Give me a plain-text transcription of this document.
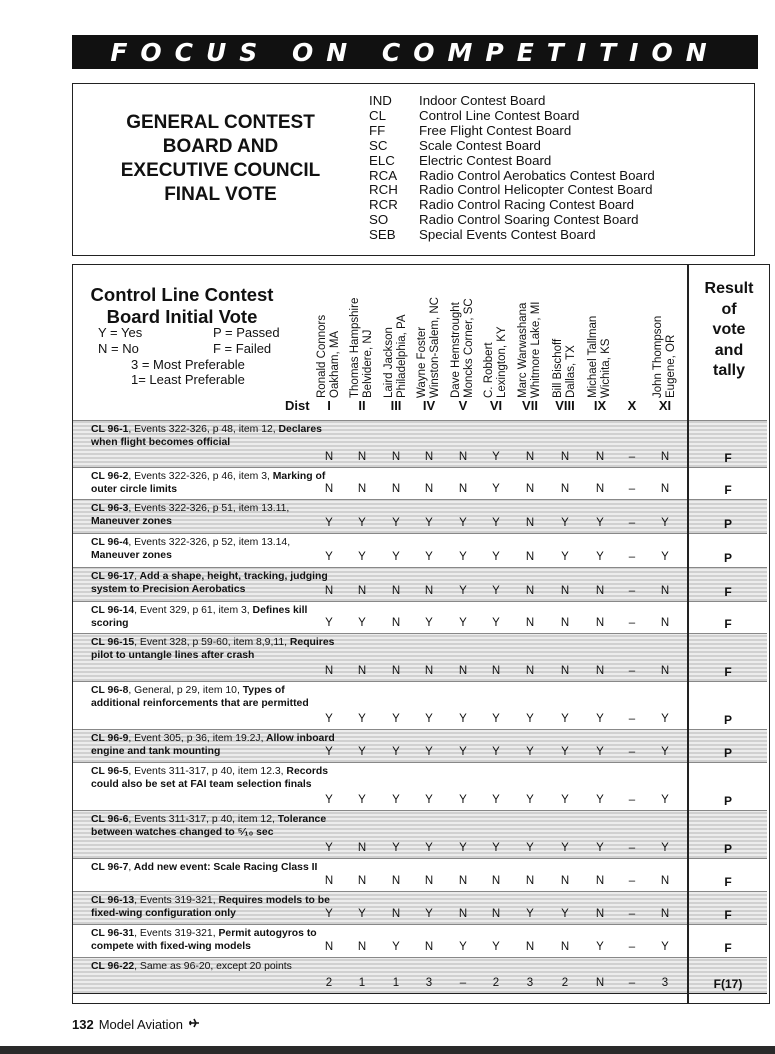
FOCUS ON COMPETITION
GENERAL CONTEST
BOARD AND
EXECUTIVE COUNCIL
FINAL VOTE
IND	Indoor Contest Board
CL	Control Line Contest Board
FF	Free Flight Contest Board
SC	Scale Contest Board
ELC	Electric Contest Board
RCA	Radio Control Aerobatics Contest Board
RCH	Radio Control Helicopter Contest Board
RCR	Radio Control Racing Contest Board
SO	Radio Control Soaring Contest Board
SEB	Special Events Contest Board
Control Line Contest
Board Initial Vote
Y = Yes	P = Passed
N = No	F = Failed
3 = Most Preferable
1= Least Preferable
Result
of
vote
and
tally
Dist
Ronald Connors Oakham, MA
I
Thomas Hampshire Belvidere, NJ
II
Laird Jackson Philadelphia, PA
III
Wayne Foster Winston-Salem, NC
IV
Dave Hemstrought Moncks Corner, SC
V
C. Robbert Lexington, KY
VI
Marc Warwashana Whitmore Lake, MI
VII
Bill Bischoff Dallas, TX
VIII
Michael Tallman Wichita, KS
IX	X
John Thompson Eugene, OR
XI
CL 96-1, Events 322-326, p 48, item 12, Declares when flight becomes official
N	N	N	N	N	Y	N	N	N	–	N	F
CL 96-2, Events 322-326, p 46, item 3, Marking of outer circle limits	N	N	N	N	N	Y	N	N	N	–	N	F
CL 96-3, Events 322-326, p 51, item 13.11, Maneuver zones	Y	Y	Y	Y	Y	Y	N	Y	Y	–	Y	P
CL 96-4, Events 322-326, p 52, item 13.14, Maneuver zones	Y	Y	Y	Y	Y	Y	N	Y	Y	–	Y	P
CL 96-17, Add a shape, height, tracking, judging system to Precision Aerobatics	N	N	N	N	Y	Y	N	N	N	–	N	F
CL 96-14, Event 329, p 61, item 3, Defines kill scoring	Y	Y	N	Y	Y	Y	N	N	N	–	N	F
CL 96-15, Event 328, p 59-60, item 8,9,11, Requires pilot to untangle lines after crash
N	N	N	N	N	N	N	N	N	–	N	F
CL 96-8, General, p 29, item 10, Types of additional reinforcements that are permitted
Y	Y	Y	Y	Y	Y	Y	Y	Y	–	Y	P
CL 96-9, Event 305, p 36, item 19.2J, Allow inboard engine and tank mounting	Y	Y	Y	Y	Y	Y	Y	Y	Y	–	Y	P
CL 96-5, Events 311-317, p 40, item 12.3, Records could also be set at FAI team selection finals
Y	Y	Y	Y	Y	Y	Y	Y	Y	–	Y	P
CL 96-6, Events 311-317, p 40, item 12, Tolerance between watches changed to ⁵⁄₁₀ sec
Y	N	Y	Y	Y	Y	Y	Y	Y	–	Y	P
CL 96-7, Add new event: Scale Racing Class II
N	N	N	N	N	N	N	N	N	–	N	F
CL 96-13, Events 319-321, Requires models to be fixed-wing configuration only	Y	Y	N	Y	N	N	Y	Y	N	–	N	F
CL 96-31, Events 319-321, Permit autogyros to compete with fixed-wing models	N	N	Y	N	Y	Y	N	N	Y	–	Y	F
CL 96-22, Same as 96-20, except 20 points
2	1	1	3	–	2	3	2	N	–	3	F(17)
132 Model Aviation
